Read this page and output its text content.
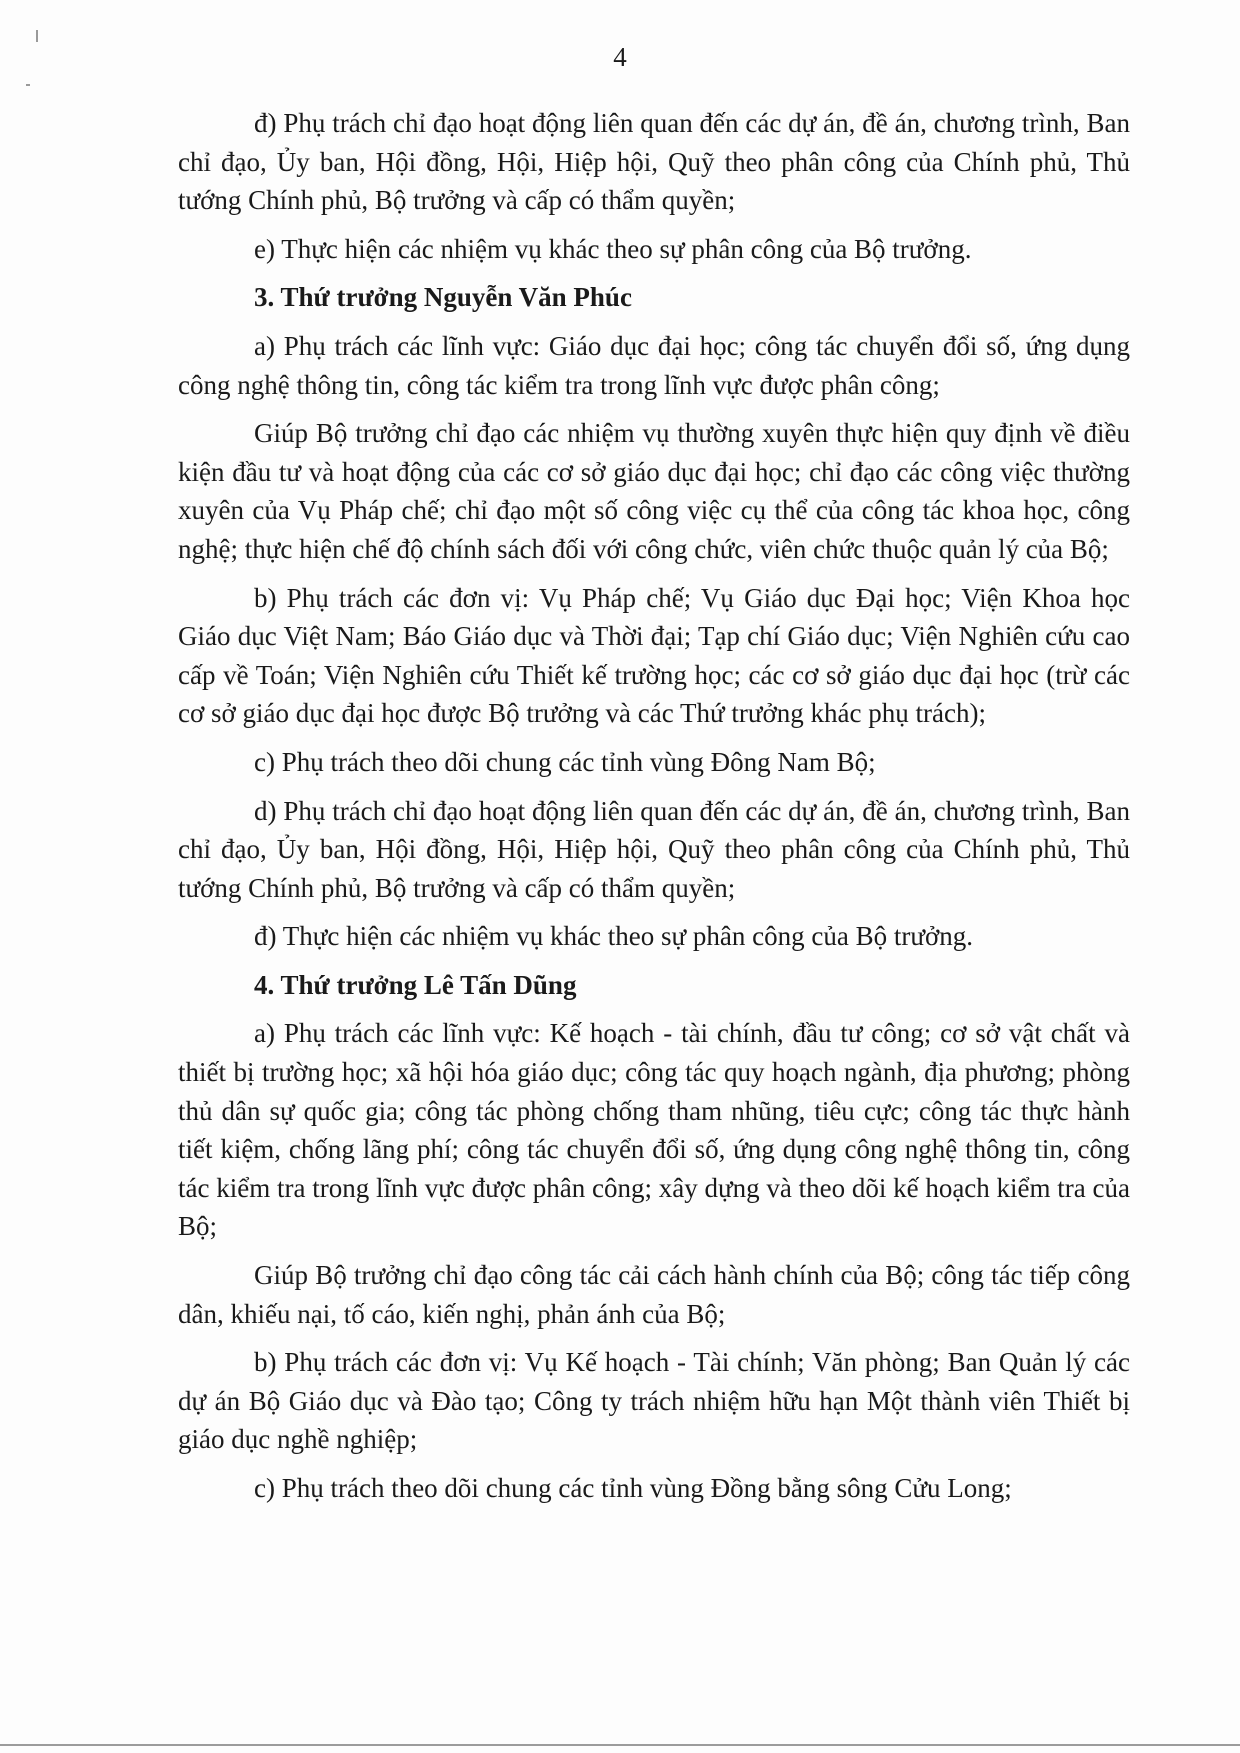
4

đ) Phụ trách chỉ đạo hoạt động liên quan đến các dự án, đề án, chương trình, Ban chỉ đạo, Ủy ban, Hội đồng, Hội, Hiệp hội, Quỹ theo phân công của Chính phủ, Thủ tướng Chính phủ, Bộ trưởng và cấp có thẩm quyền;

e) Thực hiện các nhiệm vụ khác theo sự phân công của Bộ trưởng.

3. Thứ trưởng Nguyễn Văn Phúc

a) Phụ trách các lĩnh vực: Giáo dục đại học; công tác chuyển đổi số, ứng dụng công nghệ thông tin, công tác kiểm tra trong lĩnh vực được phân công;

Giúp Bộ trưởng chỉ đạo các nhiệm vụ thường xuyên thực hiện quy định về điều kiện đầu tư và hoạt động của các cơ sở giáo dục đại học; chỉ đạo các công việc thường xuyên của Vụ Pháp chế; chỉ đạo một số công việc cụ thể của công tác khoa học, công nghệ; thực hiện chế độ chính sách đối với công chức, viên chức thuộc quản lý của Bộ;

b) Phụ trách các đơn vị: Vụ Pháp chế; Vụ Giáo dục Đại học; Viện Khoa học Giáo dục Việt Nam; Báo Giáo dục và Thời đại; Tạp chí Giáo dục; Viện Nghiên cứu cao cấp về Toán; Viện Nghiên cứu Thiết kế trường học; các cơ sở giáo dục đại học (trừ các cơ sở giáo dục đại học được Bộ trưởng và các Thứ trưởng khác phụ trách);

c) Phụ trách theo dõi chung các tỉnh vùng Đông Nam Bộ;

d) Phụ trách chỉ đạo hoạt động liên quan đến các dự án, đề án, chương trình, Ban chỉ đạo, Ủy ban, Hội đồng, Hội, Hiệp hội, Quỹ theo phân công của Chính phủ, Thủ tướng Chính phủ, Bộ trưởng và cấp có thẩm quyền;

đ) Thực hiện các nhiệm vụ khác theo sự phân công của Bộ trưởng.

4. Thứ trưởng Lê Tấn Dũng

a) Phụ trách các lĩnh vực: Kế hoạch - tài chính, đầu tư công; cơ sở vật chất và thiết bị trường học; xã hội hóa giáo dục; công tác quy hoạch ngành, địa phương; phòng thủ dân sự quốc gia; công tác phòng chống tham nhũng, tiêu cực; công tác thực hành tiết kiệm, chống lãng phí; công tác chuyển đổi số, ứng dụng công nghệ thông tin, công tác kiểm tra trong lĩnh vực được phân công; xây dựng và theo dõi kế hoạch kiểm tra của Bộ;

Giúp Bộ trưởng chỉ đạo công tác cải cách hành chính của Bộ; công tác tiếp công dân, khiếu nại, tố cáo, kiến nghị, phản ánh của Bộ;

b) Phụ trách các đơn vị: Vụ Kế hoạch - Tài chính; Văn phòng; Ban Quản lý các dự án Bộ Giáo dục và Đào tạo; Công ty trách nhiệm hữu hạn Một thành viên Thiết bị giáo dục nghề nghiệp;

c) Phụ trách theo dõi chung các tỉnh vùng Đồng bằng sông Cửu Long;
